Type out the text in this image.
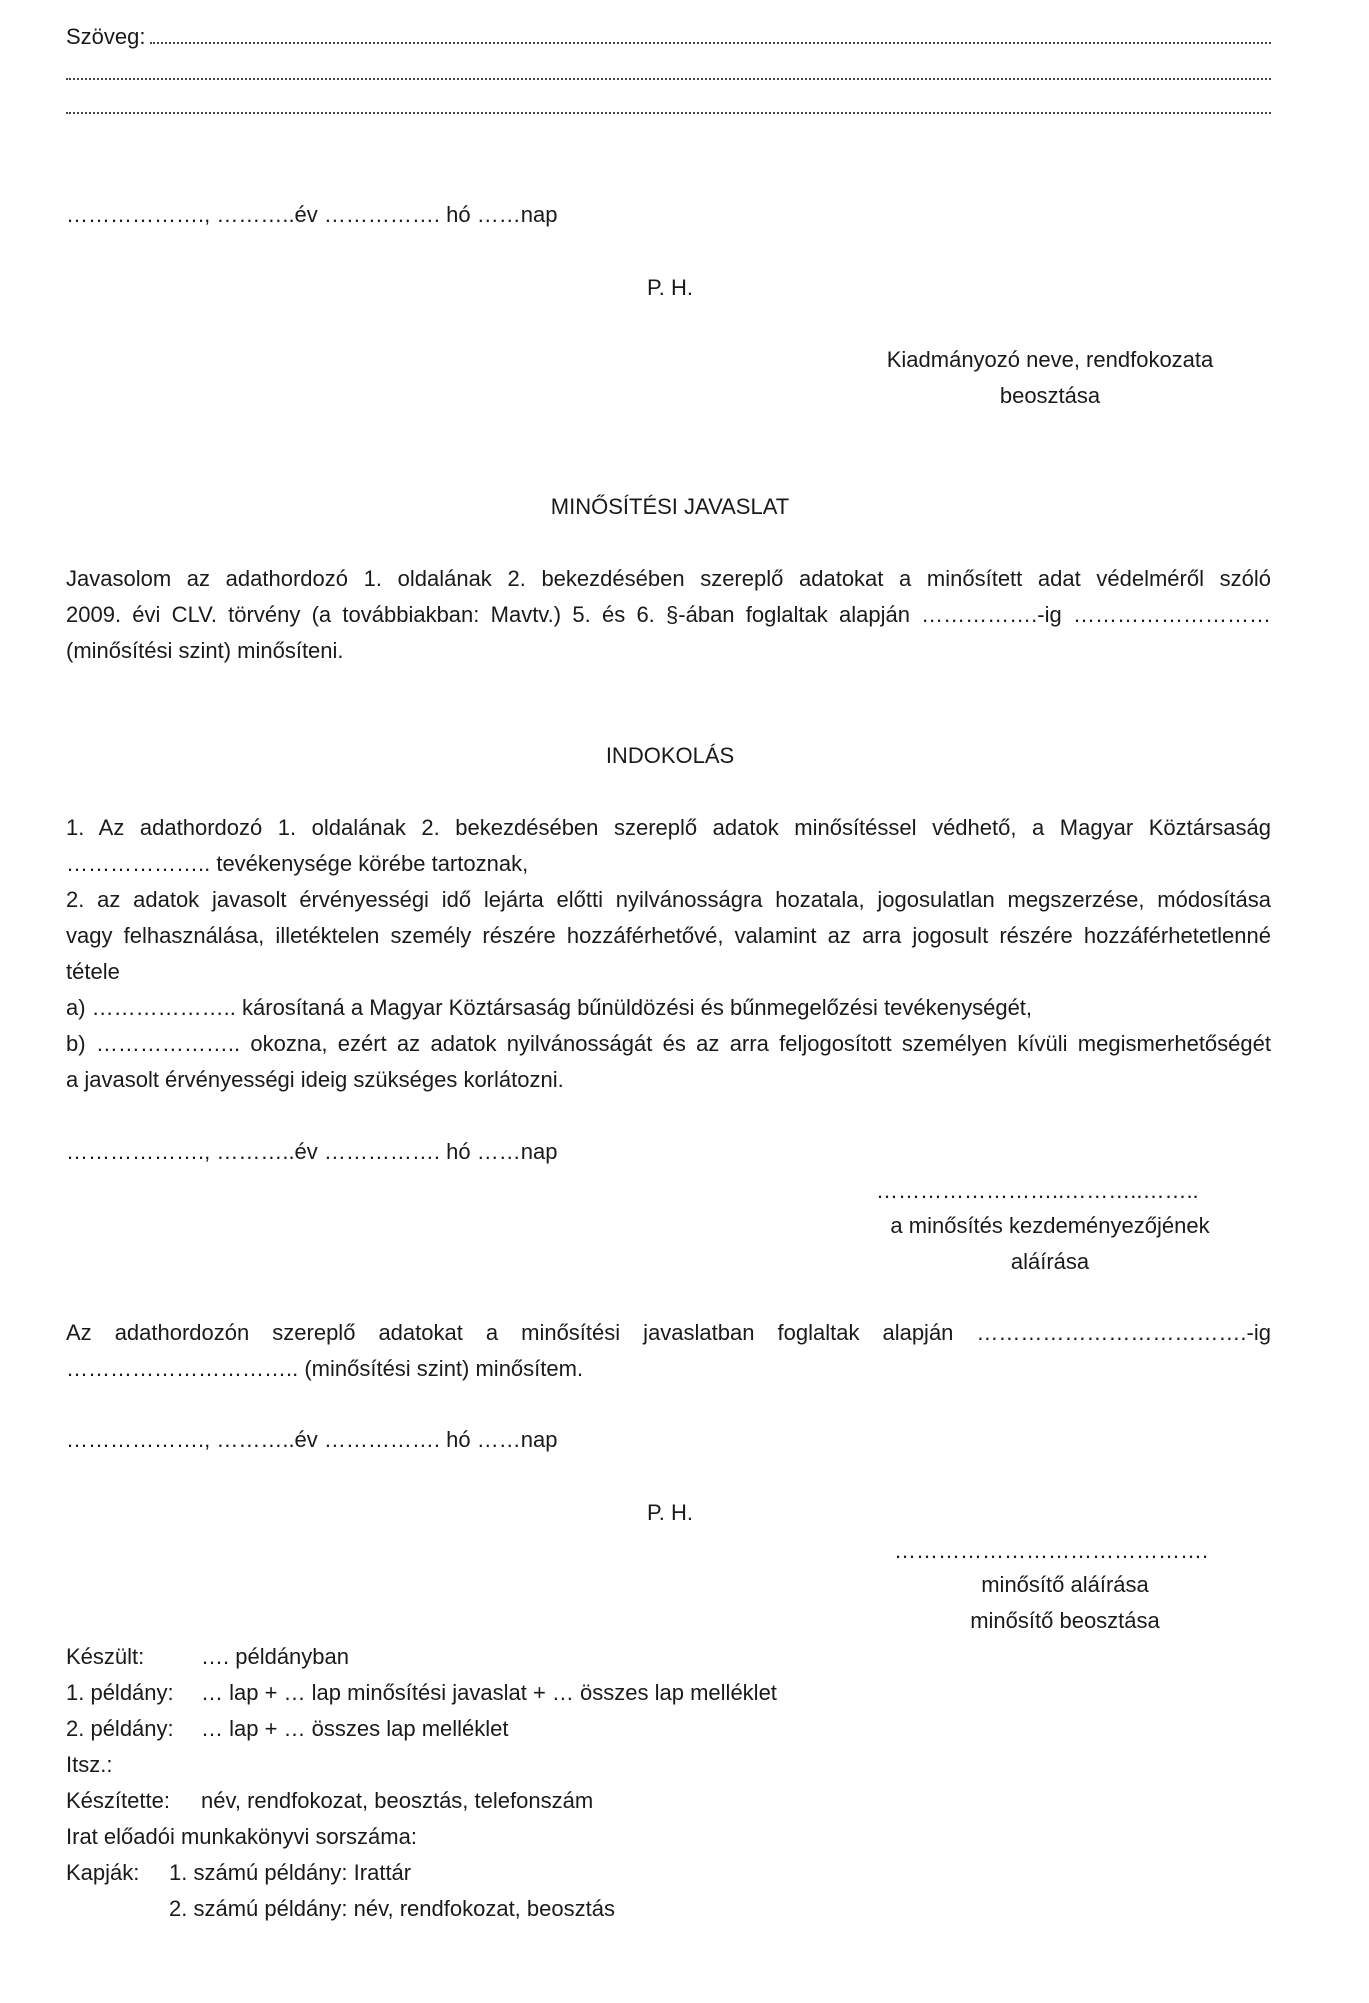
Szöveg:
………………., ………..év ……………. hó ……nap
P. H.
Kiadmányozó neve, rendfokozata
beosztása
MINŐSÍTÉSI JAVASLAT
Javasolom az adathordozó 1. oldalának 2. bekezdésében szereplő adatokat a minősített adat védelméről szóló
2009. évi CLV. törvény (a továbbiakban: Mavtv.) 5. és 6. §-ában foglaltak alapján …………….-ig ………………………
(minősítési szint) minősíteni.
INDOKOLÁS
1. Az adathordozó 1. oldalának 2. bekezdésében szereplő adatok minősítéssel védhető, a Magyar Köztársaság
……………….. tevékenysége körébe tartoznak,
2. az adatok javasolt érvényességi idő lejárta előtti nyilvánosságra hozatala, jogosulatlan megszerzése, módosítása
vagy felhasználása, illetéktelen személy részére hozzáférhetővé, valamint az arra jogosult részére hozzáférhetetlenné
tétele
a) ……………….. károsítaná a Magyar Köztársaság bűnüldözési és bűnmegelőzési tevékenységét,
b) ……………….. okozna, ezért az adatok nyilvánosságát és az arra feljogosított személyen kívüli megismerhetőségét
a javasolt érvényességi ideig szükséges korlátozni.
………………., ………..év ……………. hó ……nap
……………………..………..……..
a minősítés kezdeményezőjének
aláírása
Az adathordozón szereplő adatokat a minősítési javaslatban foglaltak alapján ……………………………….-ig
………………………….. (minősítési szint) minősítem.
………………., ………..év ……………. hó ……nap
P. H.
…………………………………….
minősítő aláírása
minősítő beosztása
Készült:	…. példányban
1. példány: … lap + … lap minősítési javaslat + … összes lap melléklet
2. példány: … lap + … összes lap melléklet
Itsz.:
Készítette: név, rendfokozat, beosztás, telefonszám
Irat előadói munkakönyvi sorszáma:
Kapják: 1. számú példány: Irattár
2. számú példány: név, rendfokozat, beosztás
